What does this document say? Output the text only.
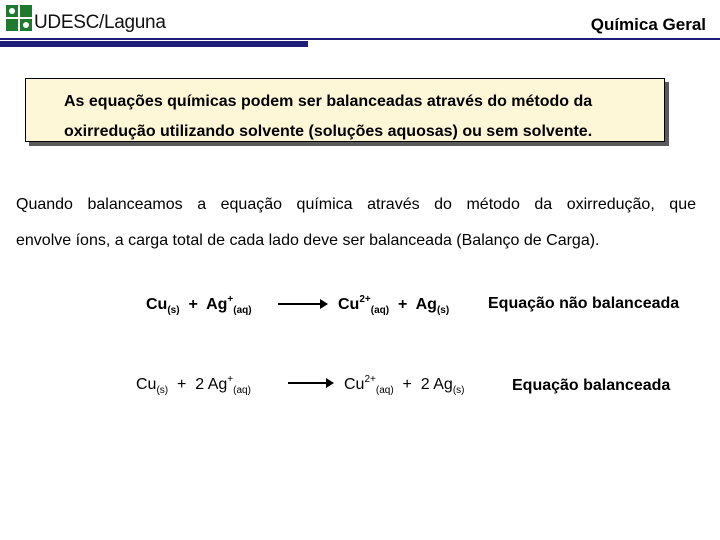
UDESC/Laguna	Química Geral
As equações químicas podem ser balanceadas através do método da
oxirredução utilizando solvente (soluções aquosas) ou sem solvente.
Quando balanceamos a equação química através do método da oxirredução, que
envolve íons, a carga total de cada lado deve ser balanceada (Balanço de Carga).
$Cu_{(s)} + Ag^+_{(aq)}$	$Cu^{2+}_{(aq)} + Ag_{(s)}$ Equação não balanceada
$Cu_{(s)} + 2$ $Ag^+_{(aq)}$	$Cu^{2+}_{(aq)} + 2$ $Ag_{(s)}$	Equação balanceada
